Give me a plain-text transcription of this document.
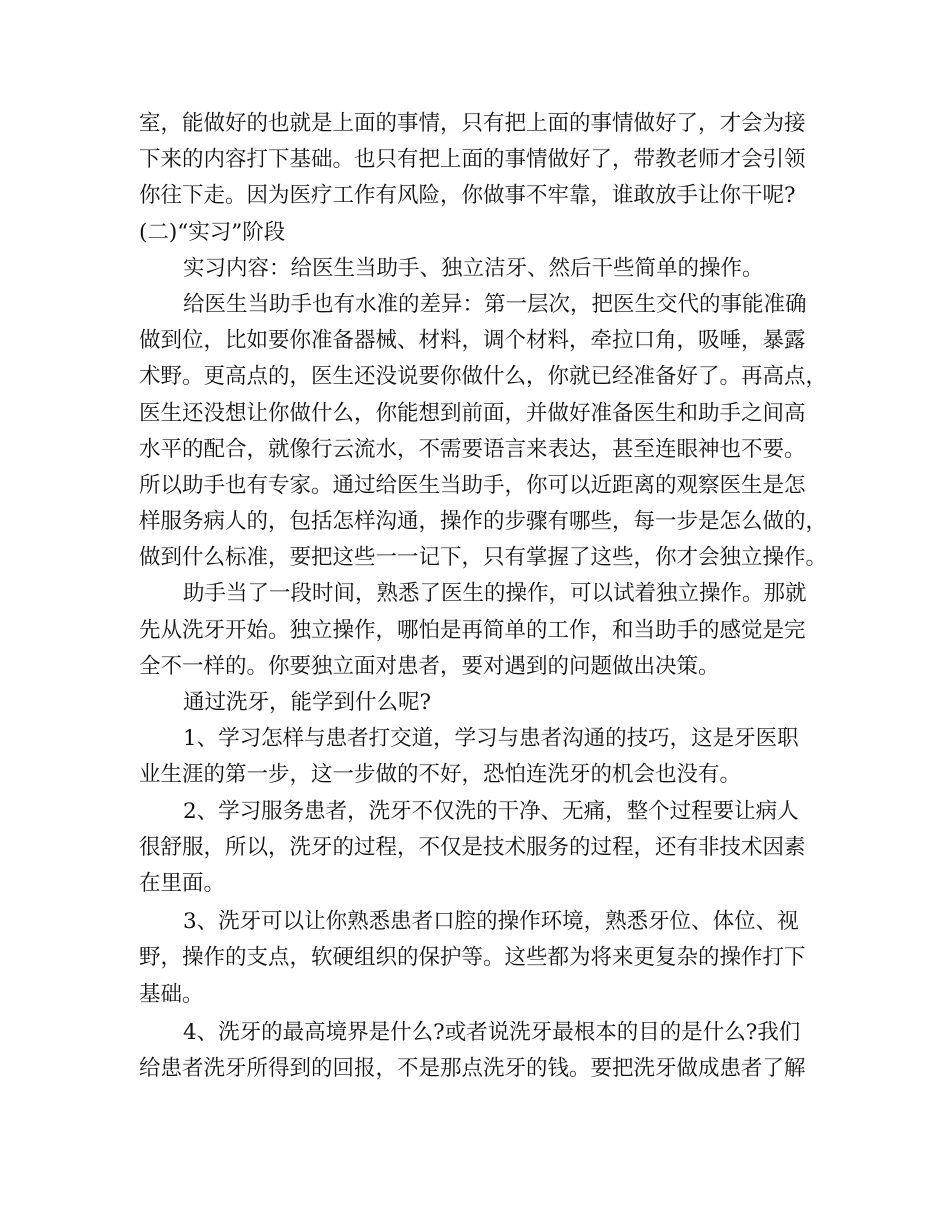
室，能做好的也就是上面的事情，只有把上面的事情做好了，才会为接
下来的内容打下基础。也只有把上面的事情做好了，带教老师才会引领
你往下走。因为医疗工作有风险，你做事不牢靠，谁敢放手让你干呢?
(二)“实习”阶段
实习内容：给医生当助手、独立洁牙、然后干些简单的操作。
给医生当助手也有水准的差异：第一层次，把医生交代的事能准确
做到位，比如要你准备器械、材料，调个材料，牵拉口角，吸唾，暴露
术野。更高点的，医生还没说要你做什么，你就已经准备好了。再高点，
医生还没想让你做什么，你能想到前面，并做好准备医生和助手之间高
水平的配合，就像行云流水，不需要语言来表达，甚至连眼神也不要。
所以助手也有专家。通过给医生当助手，你可以近距离的观察医生是怎
样服务病人的，包括怎样沟通，操作的步骤有哪些，每一步是怎么做的，
做到什么标准，要把这些一一记下，只有掌握了这些，你才会独立操作。
助手当了一段时间，熟悉了医生的操作，可以试着独立操作。那就
先从洗牙开始。独立操作，哪怕是再简单的工作，和当助手的感觉是完
全不一样的。你要独立面对患者，要对遇到的问题做出决策。
通过洗牙，能学到什么呢?
1、学习怎样与患者打交道，学习与患者沟通的技巧，这是牙医职
业生涯的第一步，这一步做的不好，恐怕连洗牙的机会也没有。
2、学习服务患者，洗牙不仅洗的干净、无痛，整个过程要让病人
很舒服，所以，洗牙的过程，不仅是技术服务的过程，还有非技术因素
在里面。
3、洗牙可以让你熟悉患者口腔的操作环境，熟悉牙位、体位、视
野，操作的支点，软硬组织的保护等。这些都为将来更复杂的操作打下
基础。
4、洗牙的最高境界是什么?或者说洗牙最根本的目的是什么?我们
给患者洗牙所得到的回报，不是那点洗牙的钱。要把洗牙做成患者了解
